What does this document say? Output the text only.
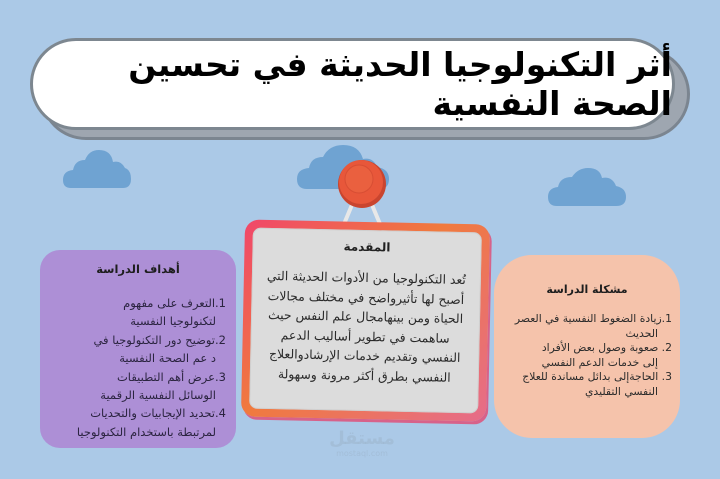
أثر التكنولوجيا الحديثة في تحسين الصحة النفسية
المقدمة
تُعد التكنولوجيا من الأدوات الحديثة التي
أصبح لها تأثيرواضح في مختلف مجالات
الحياة ومن بينهامجال علم النفس حيث
ساهمت في تطوير أساليب الدعم
النفسي وتقديم خدمات الإرشادوالعلاج
النفسي بطرق أكثر مرونة وسهولة
أهداف الدراسة
1.التعرف على مفهوم
لتكنولوجيا النفسية
2.توضيح دور التكنولوجيا في
د عم الصحة النفسية
3.عرض أهم التطبيقات
الوسائل النفسية الرقمية
4.تحديد الإيجابيات والتحديات
لمرتبطة باستخدام التكنولوجيا
مشكلة الدراسة
1.زيادة الضغوط النفسية في العصر
الحديث
2. صعوبة وصول بعض الأفراد
إلى خدمات الدعم النفسي
3. الحاجةإلى بدائل مساندة للعلاج
النفسي التقليدي
مستقل
mostaql.com
